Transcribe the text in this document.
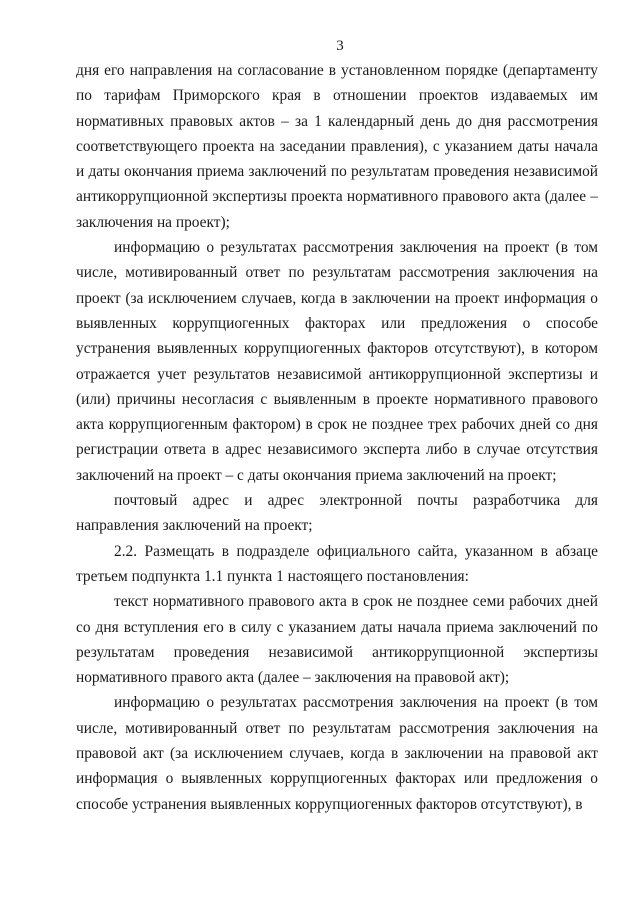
3

дня его направления на согласование в установленном порядке (департаменту по тарифам Приморского края в отношении проектов издаваемых им нормативных правовых актов – за 1 календарный день до дня рассмотрения соответствующего проекта на заседании правления), с указанием даты начала и даты окончания приема заключений по результатам проведения независимой антикоррупционной экспертизы проекта нормативного правового акта (далее – заключения на проект);

информацию о результатах рассмотрения заключения на проект (в том числе, мотивированный ответ по результатам рассмотрения заключения на проект (за исключением случаев, когда в заключении на проект информация о выявленных коррупциогенных факторах или предложения о способе устранения выявленных коррупциогенных факторов отсутствуют), в котором отражается учет результатов независимой антикоррупционной экспертизы и (или) причины несогласия с выявленным в проекте нормативного правового акта коррупциогенным фактором) в срок не позднее трех рабочих дней со дня регистрации ответа в адрес независимого эксперта либо в случае отсутствия заключений на проект – с даты окончания приема заключений на проект;

почтовый адрес и адрес электронной почты разработчика для направления заключений на проект;

2.2. Размещать в подразделе официального сайта, указанном в абзаце третьем подпункта 1.1 пункта 1 настоящего постановления:

текст нормативного правового акта в срок не позднее семи рабочих дней со дня вступления его в силу с указанием даты начала приема заключений по результатам проведения независимой антикоррупционной экспертизы нормативного правого акта (далее – заключения на правовой акт);

информацию о результатах рассмотрения заключения на проект (в том числе, мотивированный ответ по результатам рассмотрения заключения на правовой акт (за исключением случаев, когда в заключении на правовой акт информация о выявленных коррупциогенных факторах или предложения о способе устранения выявленных коррупциогенных факторов отсутствуют), в
